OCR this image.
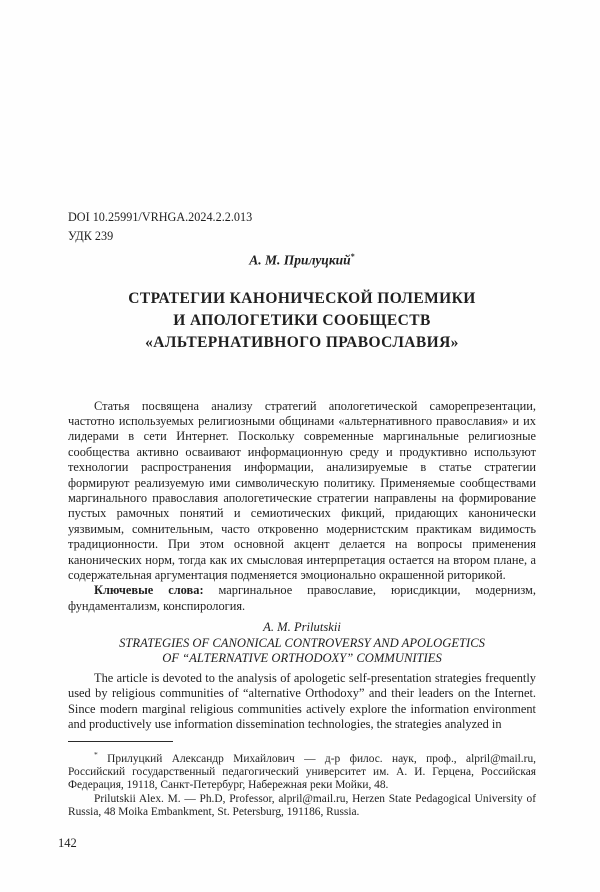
DOI 10.25991/VRHGA.2024.2.2.013
УДК 239
А. М. Прилуцкий*
СТРАТЕГИИ КАНОНИЧЕСКОЙ ПОЛЕМИКИ
И АПОЛОГЕТИКИ СООБЩЕСТВ
«АЛЬТЕРНАТИВНОГО ПРАВОСЛАВИЯ»

Статья посвящена анализу стратегий апологетической саморепрезентации, частотно используемых религиозными общинами «альтернативного православия» и их лидерами в сети Интернет. Поскольку современные маргинальные религиозные сообщества активно осваивают информационную среду и продуктивно используют технологии распространения информации, анализируемые в статье стратегии формируют реализуемую ими символическую политику. Применяемые сообществами маргинального православия апологетические стратегии направлены на формирование пустых рамочных понятий и семиотических фикций, придающих канонически уязвимым, сомнительным, часто откровенно модернистским практикам видимость традиционности. При этом основной акцент делается на вопросы применения канонических норм, тогда как их смысловая интерпретация остается на втором плане, а содержательная аргументация подменяется эмоционально окрашенной риторикой.

Ключевые слова: маргинальное православие, юрисдикции, модернизм, фундаментализм, конспирология.

A. M. Prilutskii
STRATEGIES OF CANONICAL CONTROVERSY AND APOLOGETICS
OF “ALTERNATIVE ORTHODOXY” COMMUNITIES

The article is devoted to the analysis of apologetic self-presentation strategies frequently used by religious communities of “alternative Orthodoxy” and their leaders on the Internet. Since modern marginal religious communities actively explore the information environment and productively use information dissemination technologies, the strategies analyzed in

* Прилуцкий Александр Михайлович — д-р филос. наук, проф., alpril@mail.ru, Российский государственный педагогический университет им. А. И. Герцена, Российская Федерация, 19118, Санкт-Петербург, Набережная реки Мойки, 48.

Prilutskii Alex. M. — Ph.D, Professor, alpril@mail.ru, Herzen State Pedagogical University of Russia, 48 Moika Embankment, St. Petersburg, 191186, Russia.

142
